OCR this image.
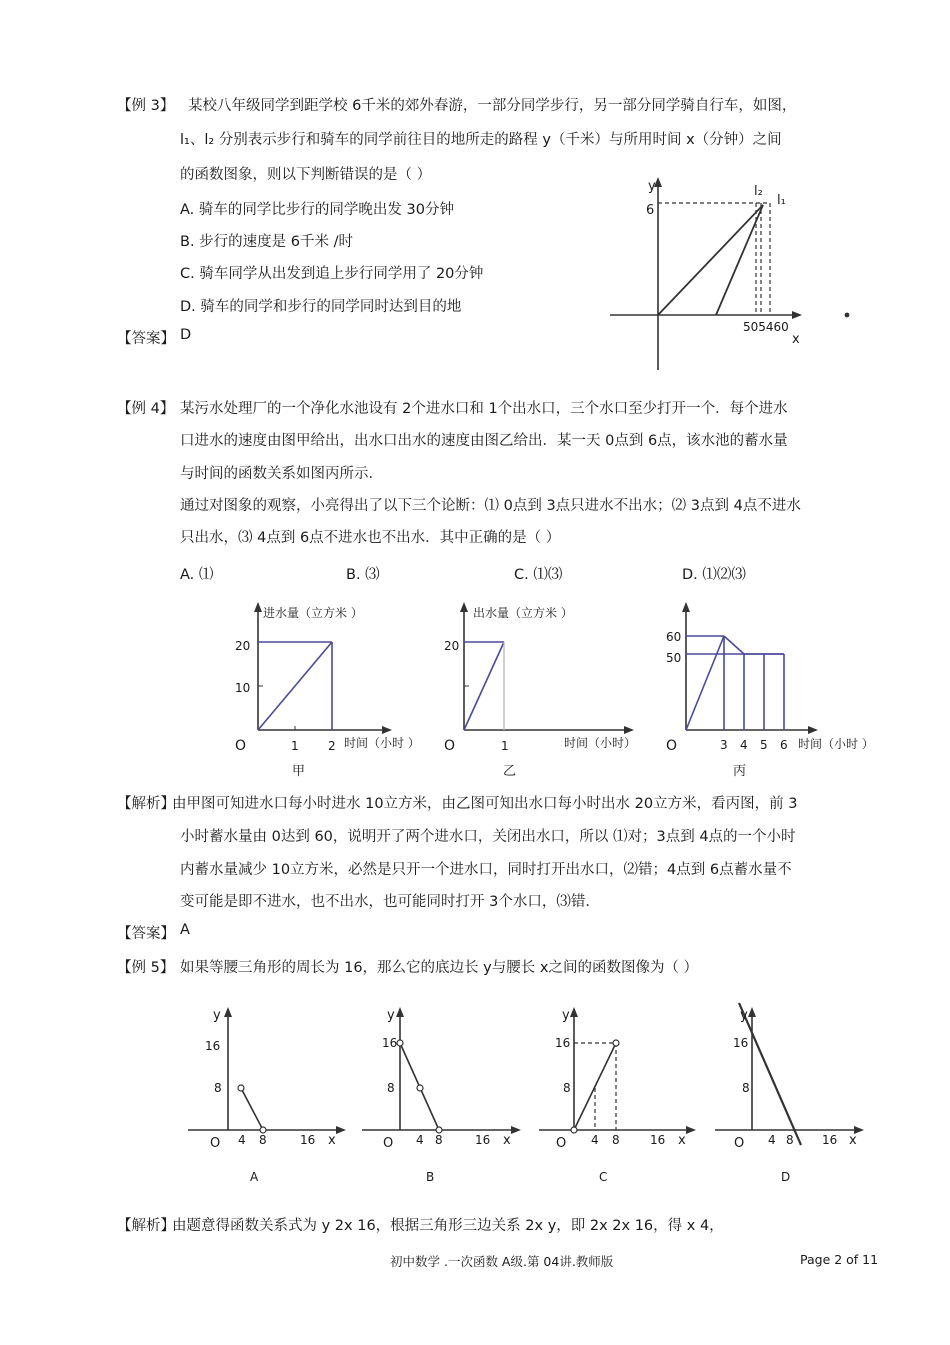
【例 3】 某校八年级同学到距学校 6千米的郊外春游，一部分同学步行，另一部分同学骑自行车，如图，
l₁、l₂ 分别表示步行和骑车的同学前往目的地所走的路程 y（千米）与所用时间 x（分钟）之间
的函数图象，则以下判断错误的是（ ）
A. 骑车的同学比步行的同学晚出发 30分钟
B. 步行的速度是 6千米 /时
C. 骑车同学从出发到追上步行同学用了 20分钟
D. 骑车的同学和步行的同学同时达到目的地
【答案】 D
y
6
l₂
l₁
505460
x
【例 4】 某污水处理厂的一个净化水池设有 2个进水口和 1个出水口，三个水口至少打开一个．每个进水
口进水的速度由图甲给出，出水口出水的速度由图乙给出．某一天 0点到 6点，该水池的蓄水量
与时间的函数关系如图丙所示．
通过对图象的观察，小亮得出了以下三个论断：⑴ 0点到 3点只进水不出水；⑵ 3点到 4点不进水
只出水，⑶ 4点到 6点不进水也不出水．其中正确的是（ ）
A. ⑴	B. ⑶	C. ⑴⑶	D. ⑴⑵⑶
进水量（立方米 ）
20
10
O	1 2 时间（小时 ）
甲
出水量（立方米 ）
20
O	1	时间（小时）
乙
60
50
O	3 4 5 6 时间（小时 ）
丙
【解析】
由甲图可知进水口每小时进水 10立方米，由乙图可知出水口每小时出水 20立方米，看丙图，前 3
小时蓄水量由 0达到 60，说明开了两个进水口，关闭出水口，所以 ⑴对；3点到 4点的一个小时
内蓄水量减少 10立方米，必然是只开一个进水口，同时打开出水口，⑵错；4点到 6点蓄水量不
变可能是即不进水，也不出水，也可能同时打开 3个水口，⑶错．
【答案】 A
【例 5】 如果等腰三角形的周长为 16，那么它的底边长 y与腰长 x之间的函数图像为（ ）
y
16
8
O 4 8	16 x
A
y
16
8
O 4 8	16 x
B
y
16
8
O 4 8	16 x
C
y
16
8
O 4 8 16 x
D
【解析】
由题意得函数关系式为 y 2x 16，根据三角形三边关系 2x y，即 2x 2x 16，得 x 4，
初中数学 .一次函数 A级.第 04讲.教师版	Page 2 of 11
